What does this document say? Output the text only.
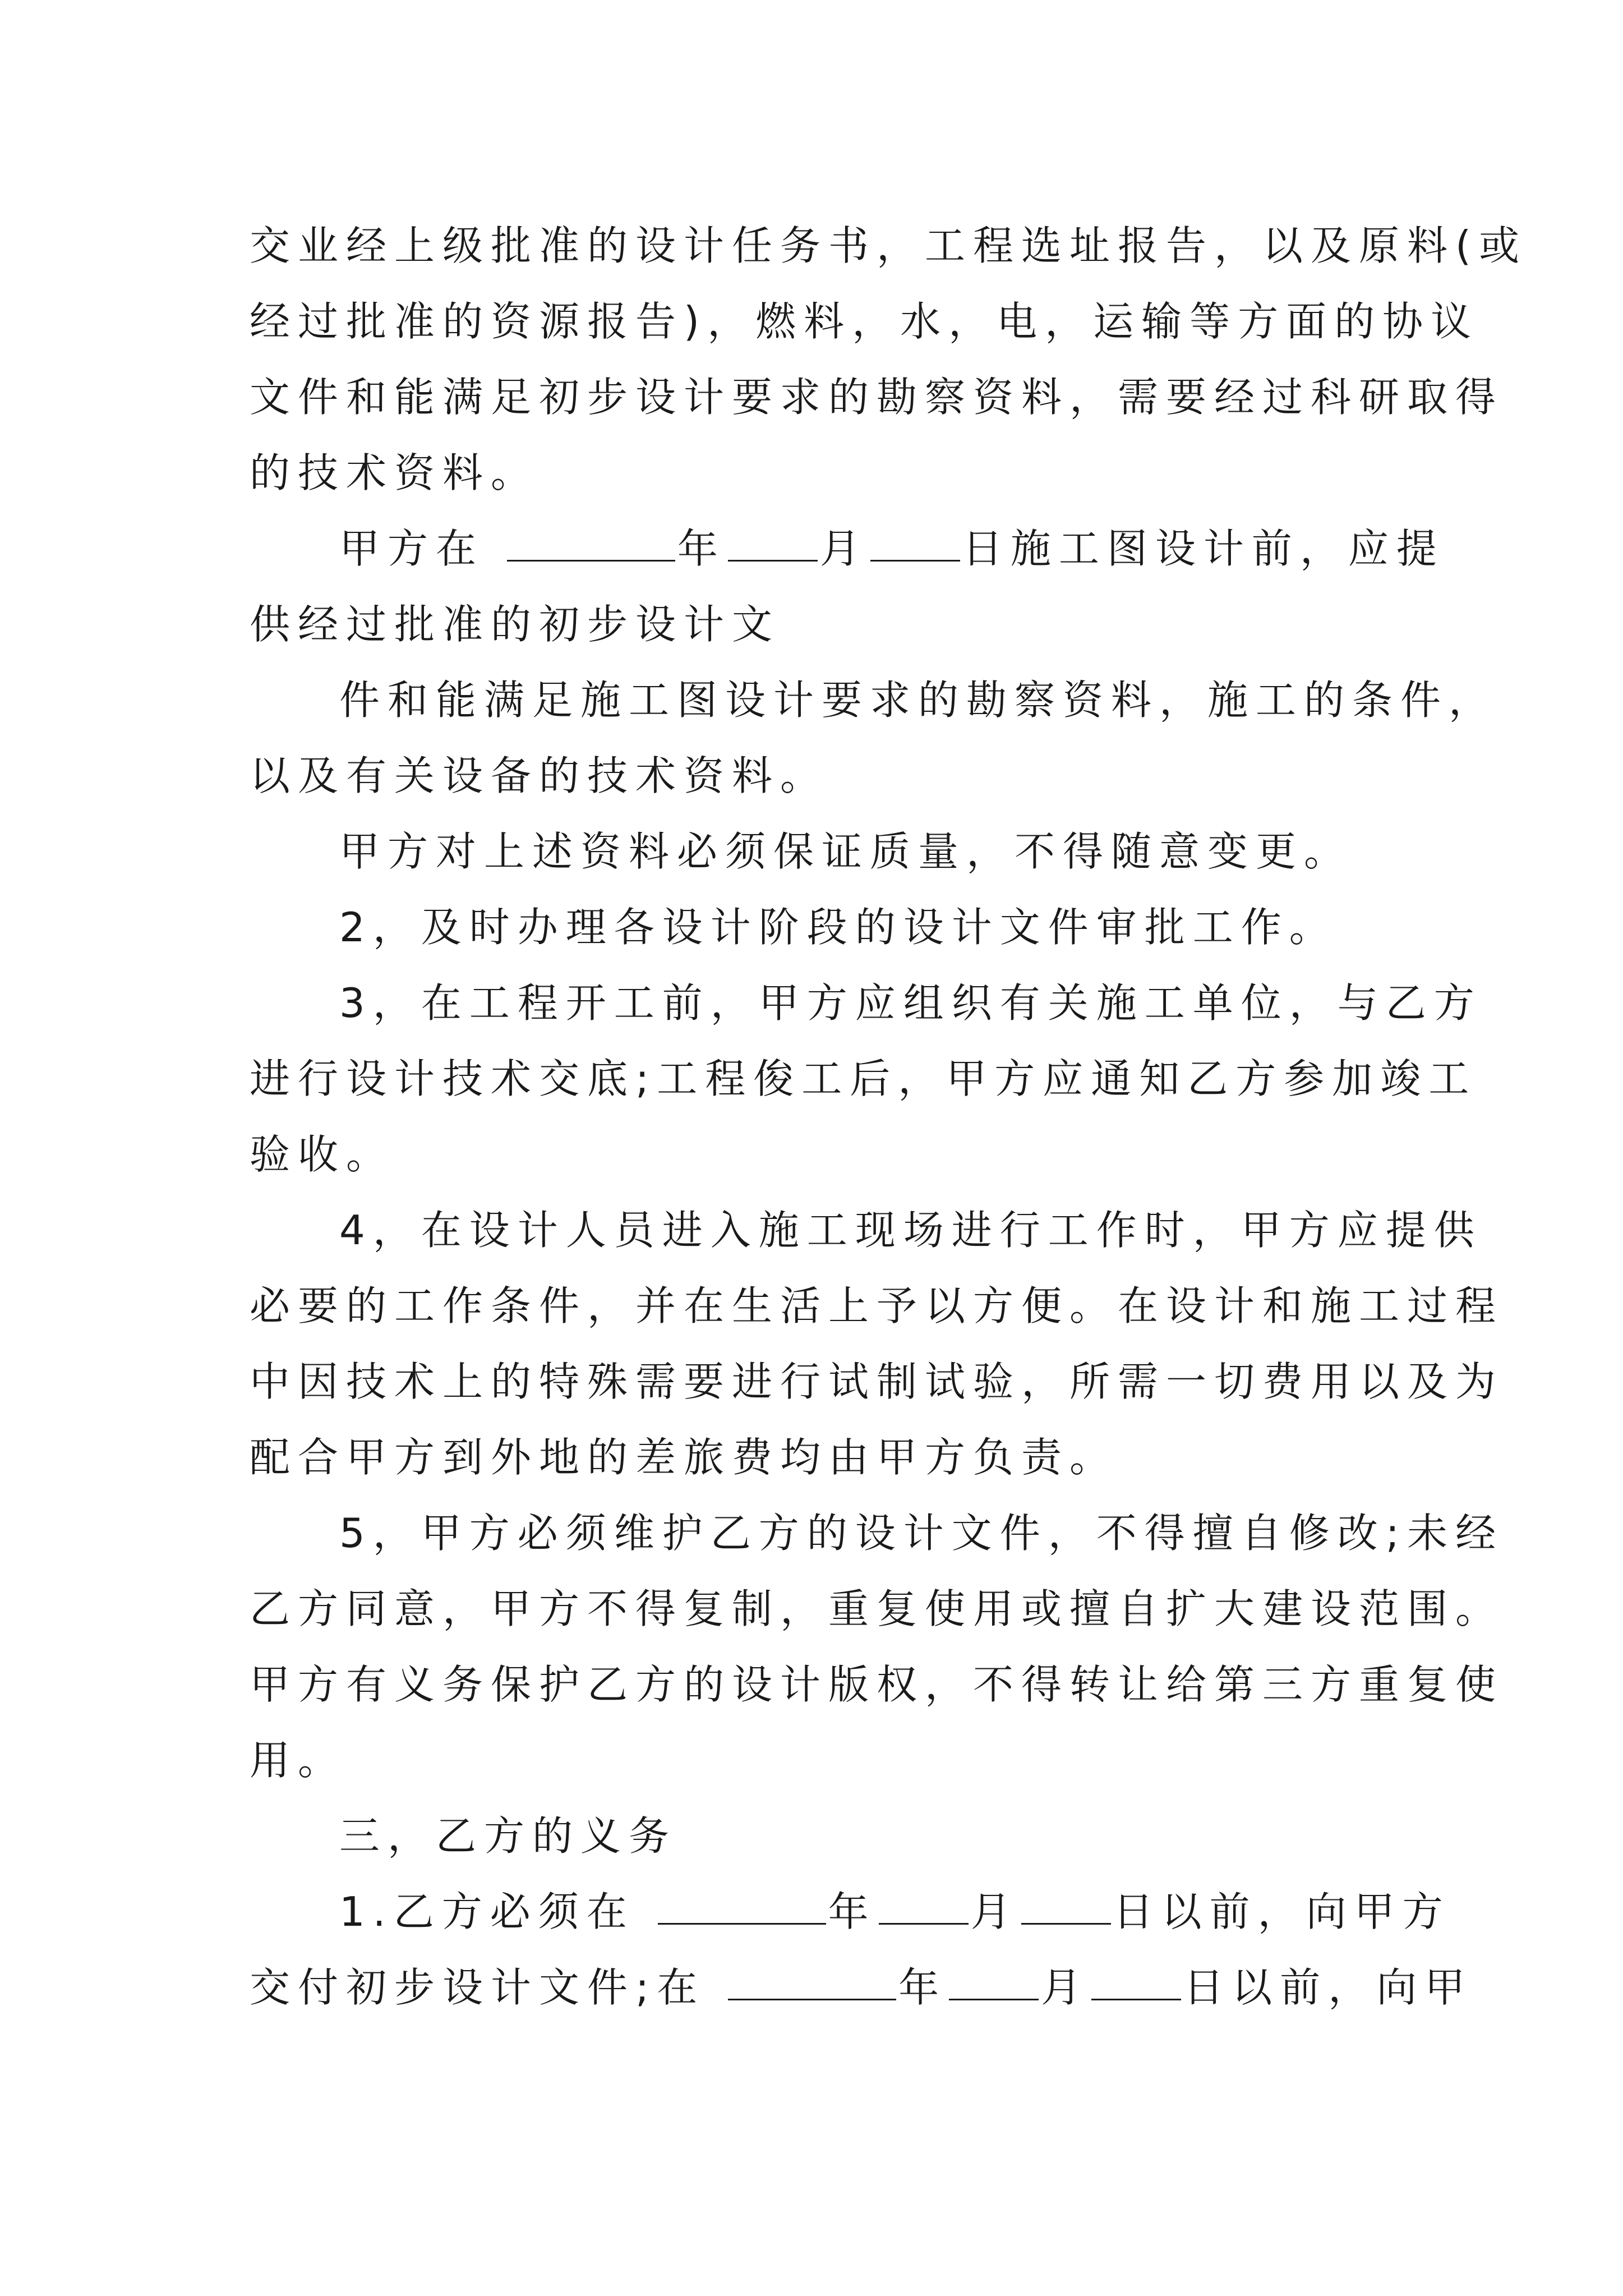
交业经上级批准的设计任务书，工程选址报告，以及原料(或
经过批准的资源报告)，燃料，水，电，运输等方面的协议
文件和能满足初步设计要求的勘察资料，需要经过科研取得
的技术资料。
甲方在	年 月 日施工图设计前，应提
供经过批准的初步设计文
件和能满足施工图设计要求的勘察资料，施工的条件，
以及有关设备的技术资料。
甲方对上述资料必须保证质量，不得随意变更。
2，及时办理各设计阶段的设计文件审批工作。
3，在工程开工前，甲方应组织有关施工单位，与乙方
进行设计技术交底;工程俊工后，甲方应通知乙方参加竣工
验收。
4，在设计人员进入施工现场进行工作时，甲方应提供
必要的工作条件，并在生活上予以方便。在设计和施工过程
中因技术上的特殊需要进行试制试验，所需一切费用以及为
配合甲方到外地的差旅费均由甲方负责。
5，甲方必须维护乙方的设计文件，不得擅自修改;未经
乙方同意，甲方不得复制，重复使用或擅自扩大建设范围。
甲方有义务保护乙方的设计版权，不得转让给第三方重复使
用。
三，乙方的义务
1.乙方必须在	年 月 日以前，向甲方
交付初步设计文件;在	年 月 日以前，向甲
